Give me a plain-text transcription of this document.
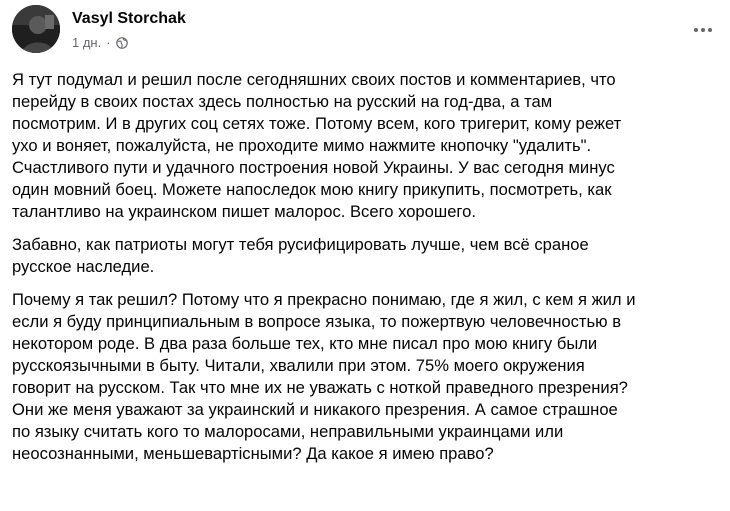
Vasyl Storchak
1 дн. ·
Я тут подумал и решил после сегодняшних своих постов и комментариев, что
перейду в своих постах здесь полностью на русский на год-два, а там
посмотрим. И в других соц сетях тоже. Потому всем, кого тригерит, кому режет
ухо и воняет, пожалуйста, не проходите мимо нажмите кнопочку "удалить".
Счастливого пути и удачного построения новой Украины. У вас сегодня минус
один мовний боец. Можете напоследок мою книгу прикупить, посмотреть, как
талантливо на украинском пишет малорос. Всего хорошего.
Забавно, как патриоты могут тебя русифицировать лучше, чем всё сраное
русское наследие.
Почему я так решил? Потому что я прекрасно понимаю, где я жил, с кем я жил и
если я буду принципиальным в вопросе языка, то пожертвую человечностью в
некотором роде. В два раза больше тех, кто мне писал про мою книгу были
русскоязычными в быту. Читали, хвалили при этом. 75% моего окружения
говорит на русском. Так что мне их не уважать с ноткой праведного презрения?
Они же меня уважают за украинский и никакого презрения. А самое страшное
по языку считать кого то малоросами, неправильными украинцами или
неосознанными, меньшевартiсными? Да какое я имею право?
